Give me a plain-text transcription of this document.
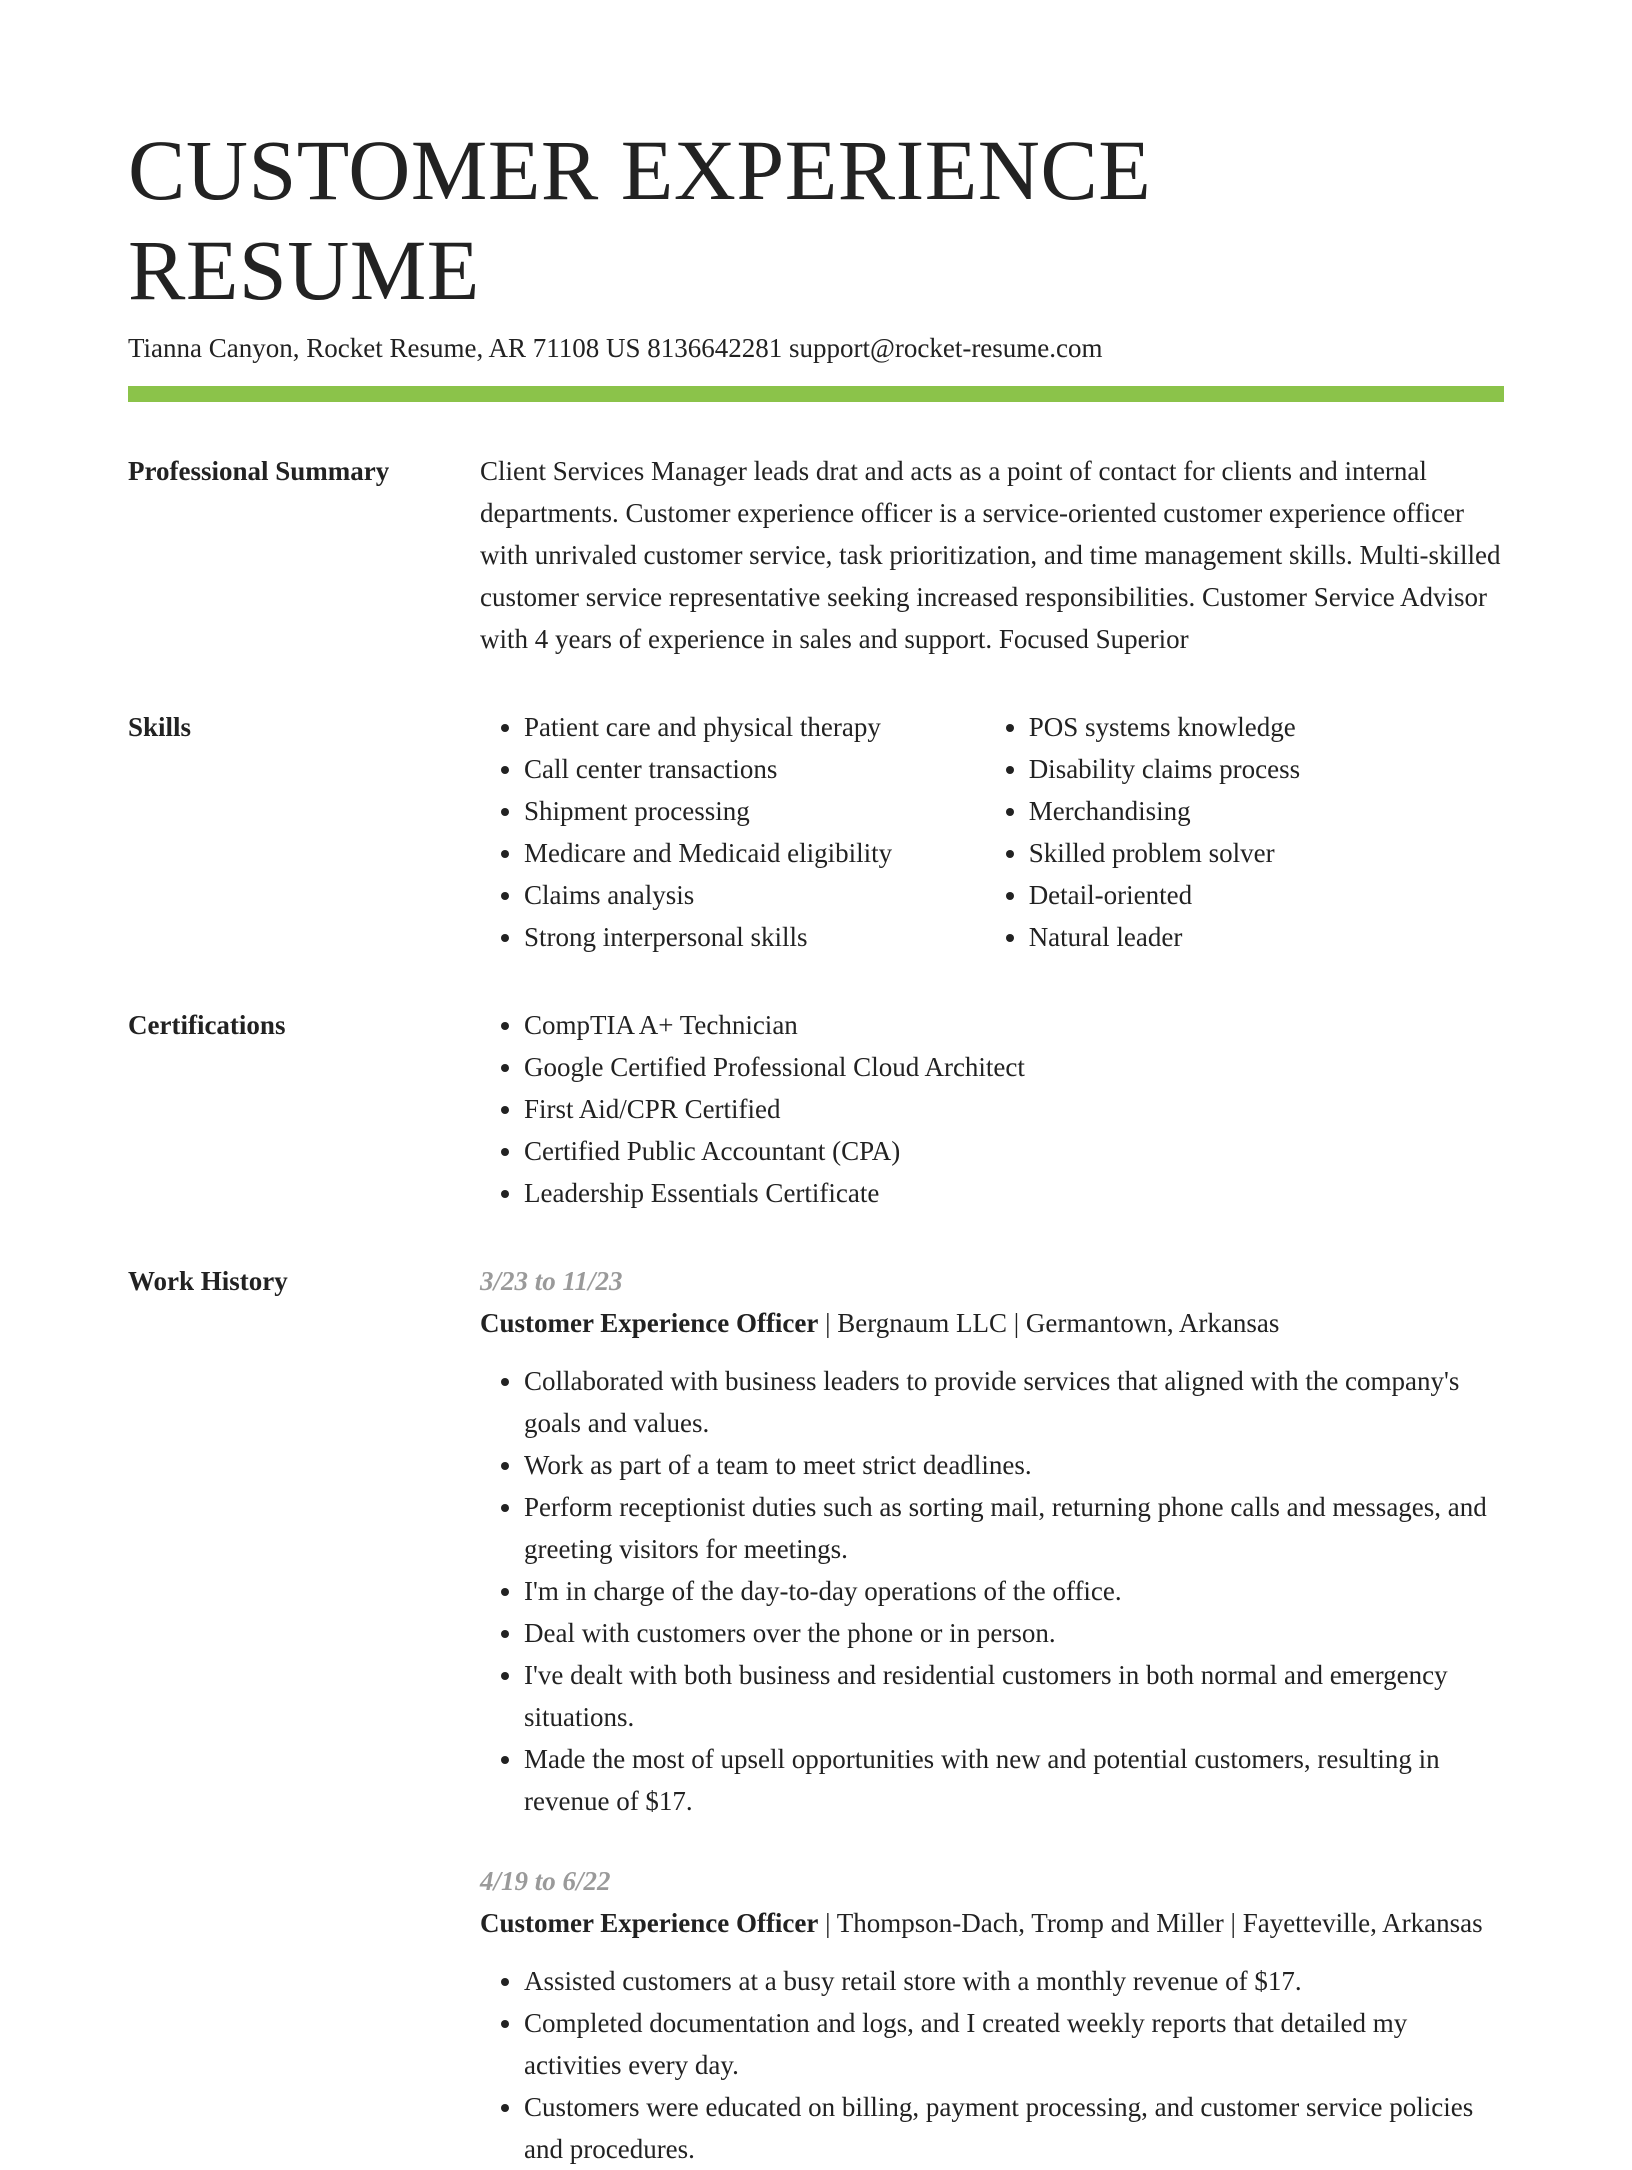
CUSTOMER EXPERIENCE RESUME
Tianna Canyon, Rocket Resume, AR 71108 US 8136642281 support@rocket-resume.com
Professional Summary	Client Services Manager leads drat and acts as a point of contact for clients and internal departments. Customer experience officer is a service-oriented customer experience officer with unrivaled customer service, task prioritization, and time management skills. Multi-skilled customer service representative seeking increased responsibilities. Customer Service Advisor with 4 years of experience in sales and support. Focused Superior

Skills	• Patient care and physical therapy
• Call center transactions
• Shipment processing
• Medicare and Medicaid eligibility
• Claims analysis
• Strong interpersonal skills
• POS systems knowledge
• Disability claims process
• Merchandising
• Skilled problem solver
• Detail-oriented
• Natural leader
Certifications	• CompTIA A+ Technician
• Google Certified Professional Cloud Architect
• First Aid/CPR Certified
• Certified Public Accountant (CPA)
• Leadership Essentials Certificate
Work History	3/23 to 11/23
Customer Experience Officer | Bergnaum LLC | Germantown, Arkansas
• Collaborated with business leaders to provide services that aligned with the company's goals and values.
• Work as part of a team to meet strict deadlines.
• Perform receptionist duties such as sorting mail, returning phone calls and messages, and greeting visitors for meetings.
• I'm in charge of the day-to-day operations of the office.
• Deal with customers over the phone or in person.
• I've dealt with both business and residential customers in both normal and emergency situations.
• Made the most of upsell opportunities with new and potential customers, resulting in revenue of $17.
4/19 to 6/22
Customer Experience Officer | Thompson-Dach, Tromp and Miller | Fayetteville, Arkansas
• Assisted customers at a busy retail store with a monthly revenue of $17.
• Completed documentation and logs, and I created weekly reports that detailed my activities every day.
• Customers were educated on billing, payment processing, and customer service policies and procedures.
